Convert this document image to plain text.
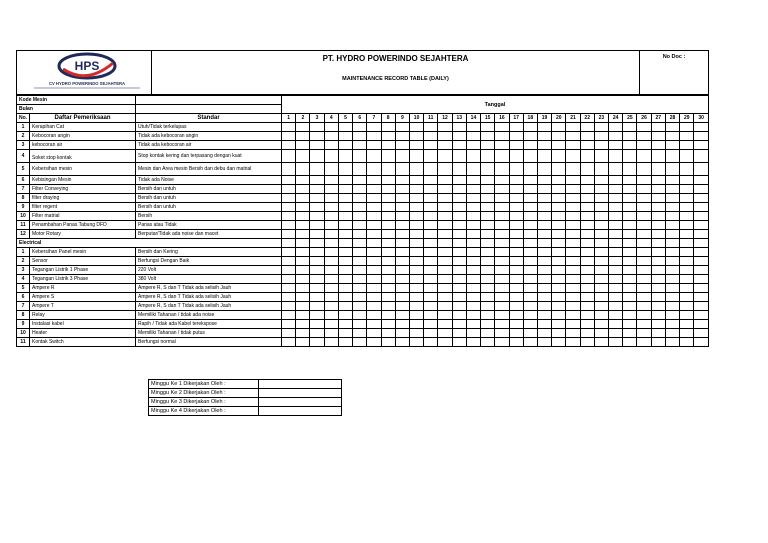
HPS
CV HYDRO POWERINDO SEJAHTERA

PT. HYDRO POWERINDO SEJAHTERA
MAINTENANCE RECORD TABLE (DAILY)
	No Doc :
Kode Mesin			Tanggal																													
Bulan																																
No.	Daftar Pemeriksaan	Standar	1	2	3	4	5	6	7	8	9	10	11	12	13	14	15	16	17	18	19	20	21	22	23	24	25	26	27	28	29	30
1	Kerapihan Cat	Utuh/Tidak terkelupas																														
2	Kebocoran angin	Tidak ada kebocoran angin																														
3	kebocoran air	Tidak ada kebocoran air																														
4	Soket stop kontak	Stop kontak kering dan terpasang dengan kuat																														
5	Kebersihan mesin	Mesin dan Area mesin Bersih dan debu dan matrial																														
6	Kebisingan Mesin	Tidak ada Noise																														
7	Filter Conveying	Bersih dan untuh																														
8	filter draying	Bersih dan untuh																														
9	filter regent	Bersih dan untuh																														
10	Filter matrial	Bersih																														
11	Penambahan Panas Tabung DFD	Panas atau Tidak																														
12	Motor Rotary	Berputar/Tidak ada noise dan macet																														
Electrical																																
1	Kebersihan Panel mesin	Bersih dan Kering																														
2	Sensor	Berfungsi Dengan Baik																														
3	Tegangan Listrik 1 Phase	220 Volt																														
4	Tegangan Listrik 3 Phase	380 Volt																														
5	Ampere R	Ampere R, S dan T Tidak ada selisih Jauh																														
6	Ampere S	Ampere R, S dan T Tidak ada selisih Jauh																														
7	Ampere T	Ampere R, S dan T Tidak ada selisih Jauh																														
8	Relay	Memiliki Tahanan / tidak ada noise																														
9	Instalasi kabel	Rapih / Tidak ada Kabel terekspose																														
10	Heater	Memiliki Tahanan / tidak putus																														
11	Kontak Switch	Berfungsi normal																														
Minggu Ke 1 Dikerjakan Oleh :	
Minggu Ke 2 Dikerjakan Oleh :	
Minggu Ke 3 Dikerjakan Oleh :	
Minggu Ke 4 Dikerjakan Oleh :	
